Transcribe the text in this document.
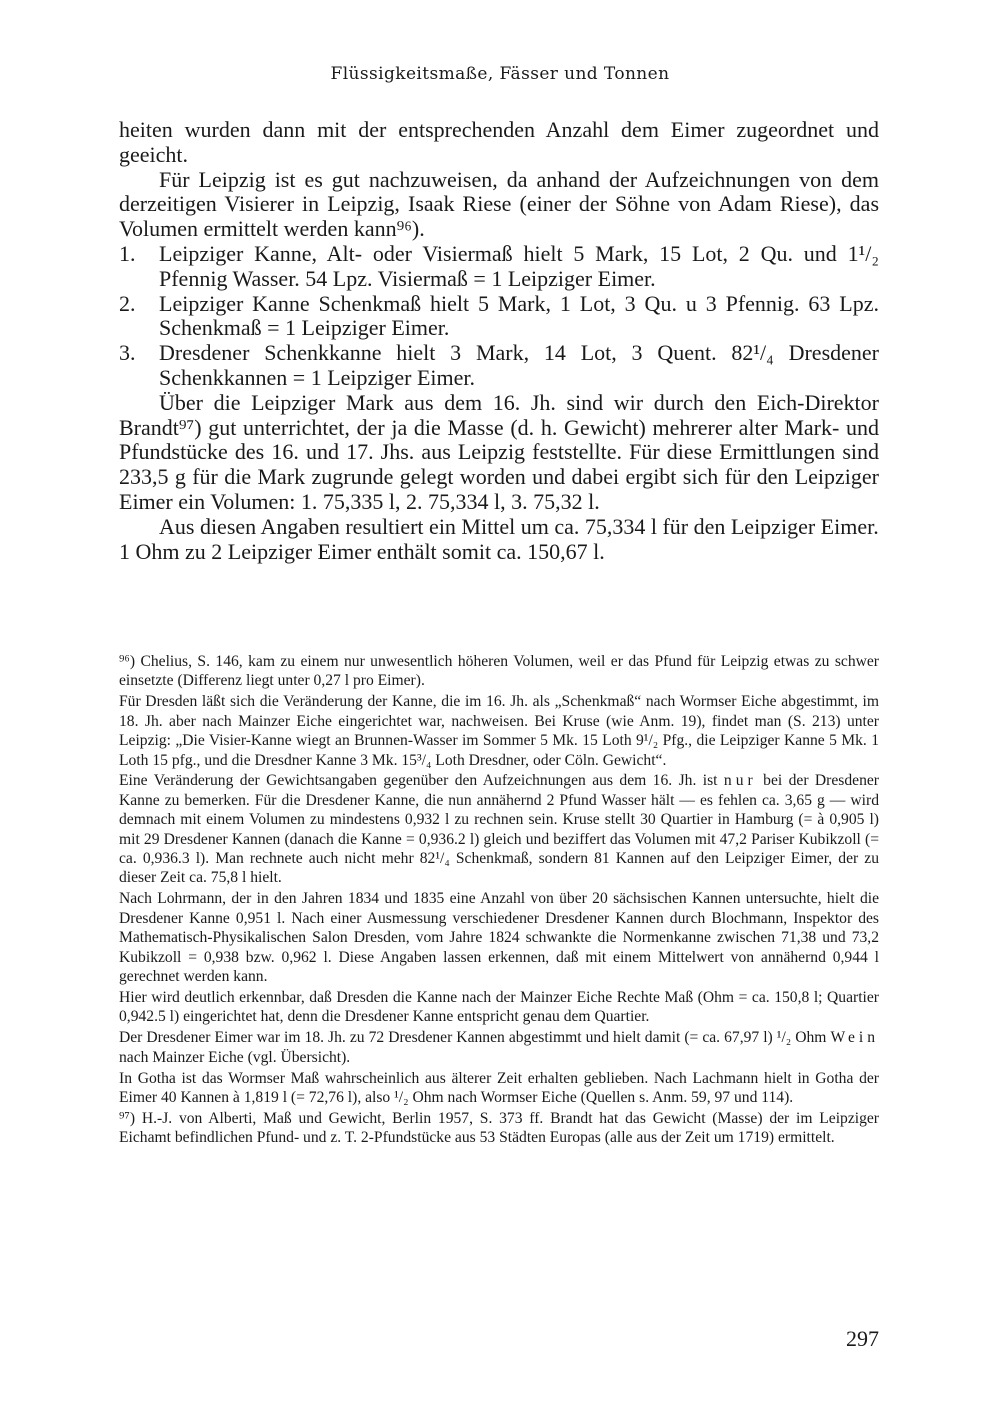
Flüssigkeitsmaße, Fässer und Tonnen

heiten wurden dann mit der entsprechenden Anzahl dem Eimer zugeordnet und geeicht.

Für Leipzig ist es gut nachzuweisen, da anhand der Aufzeichnungen von dem derzeitigen Visierer in Leipzig, Isaak Riese (einer der Söhne von Adam Riese), das Volumen ermittelt werden kann⁹⁶).

1.	Leipziger Kanne, Alt- oder Visiermaß hielt 5 Mark, 15 Lot, 2 Qu. und 1¹/₂ Pfennig Wasser. 54 Lpz. Visiermaß = 1 Leipziger Eimer.
2.	Leipziger Kanne Schenkmaß hielt 5 Mark, 1 Lot, 3 Qu. u 3 Pfennig. 63 Lpz. Schenkmaß = 1 Leipziger Eimer.
3.	Dresdener Schenkkanne hielt 3 Mark, 14 Lot, 3 Quent. 82¹/₄ Dresdener Schenkkannen = 1 Leipziger Eimer.

Über die Leipziger Mark aus dem 16. Jh. sind wir durch den Eich-Direktor Brandt⁹⁷) gut unterrichtet, der ja die Masse (d. h. Gewicht) mehrerer alter Mark- und Pfundstücke des 16. und 17. Jhs. aus Leipzig feststellte. Für diese Ermittlungen sind 233,5 g für die Mark zugrunde gelegt worden und dabei ergibt sich für den Leipziger Eimer ein Volumen: 1. 75,335 l, 2. 75,334 l, 3. 75,32 l.

Aus diesen Angaben resultiert ein Mittel um ca. 75,334 l für den Leipziger Eimer.

1 Ohm zu 2 Leipziger Eimer enthält somit ca. 150,67 l.

⁹⁶) Chelius, S. 146, kam zu einem nur unwesentlich höheren Volumen, weil er das Pfund für Leipzig etwas zu schwer einsetzte (Differenz liegt unter 0,27 l pro Eimer).

Für Dresden läßt sich die Veränderung der Kanne, die im 16. Jh. als „Schenkmaß“ nach Wormser Eiche abgestimmt, im 18. Jh. aber nach Mainzer Eiche eingerichtet war, nachweisen. Bei Kruse (wie Anm. 19), findet man (S. 213) unter Leipzig: „Die Visier-Kanne wiegt an Brunnen-Wasser im Sommer 5 Mk. 15 Loth 9¹/₂ Pfg., die Leipziger Kanne 5 Mk. 1 Loth 15 pfg., und die Dresdner Kanne 3 Mk. 15³/₄ Loth Dresdner, oder Cöln. Gewicht“.

Eine Veränderung der Gewichtsangaben gegenüber den Aufzeichnungen aus dem 16. Jh. ist nur bei der Dresdener Kanne zu bemerken. Für die Dresdener Kanne, die nun annähernd 2 Pfund Wasser hält — es fehlen ca. 3,65 g — wird demnach mit einem Volumen zu mindestens 0,932 l zu rechnen sein. Kruse stellt 30 Quartier in Hamburg (= à 0,905 l) mit 29 Dresdener Kannen (danach die Kanne = 0,936.2 l) gleich und beziffert das Volumen mit 47,2 Pariser Kubikzoll (= ca. 0,936.3 l). Man rechnete auch nicht mehr 82¹/₄ Schenkmaß, sondern 81 Kannen auf den Leipziger Eimer, der zu dieser Zeit ca. 75,8 l hielt.

Nach Lohrmann, der in den Jahren 1834 und 1835 eine Anzahl von über 20 sächsischen Kannen untersuchte, hielt die Dresdener Kanne 0,951 l. Nach einer Ausmessung verschiedener Dresdener Kannen durch Blochmann, Inspektor des Mathematisch-Physikalischen Salon Dresden, vom Jahre 1824 schwankte die Normenkanne zwischen 71,38 und 73,2 Kubikzoll = 0,938 bzw. 0,962 l. Diese Angaben lassen erkennen, daß mit einem Mittelwert von annähernd 0,944 l gerechnet werden kann.

Hier wird deutlich erkennbar, daß Dresden die Kanne nach der Mainzer Eiche Rechte Maß (Ohm = ca. 150,8 l; Quartier 0,942.5 l) eingerichtet hat, denn die Dresdener Kanne entspricht genau dem Quartier.

Der Dresdener Eimer war im 18. Jh. zu 72 Dresdener Kannen abgestimmt und hielt damit (= ca. 67,97 l) ¹/₂ Ohm Wein nach Mainzer Eiche (vgl. Übersicht).

In Gotha ist das Wormser Maß wahrscheinlich aus älterer Zeit erhalten geblieben. Nach Lachmann hielt in Gotha der Eimer 40 Kannen à 1,819 l (= 72,76 l), also ¹/₂ Ohm nach Wormser Eiche (Quellen s. Anm. 59, 97 und 114).

⁹⁷) H.-J. von Alberti, Maß und Gewicht, Berlin 1957, S. 373 ff. Brandt hat das Gewicht (Masse) der im Leipziger Eichamt befindlichen Pfund- und z. T. 2-Pfundstücke aus 53 Städten Europas (alle aus der Zeit um 1719) ermittelt.

297
